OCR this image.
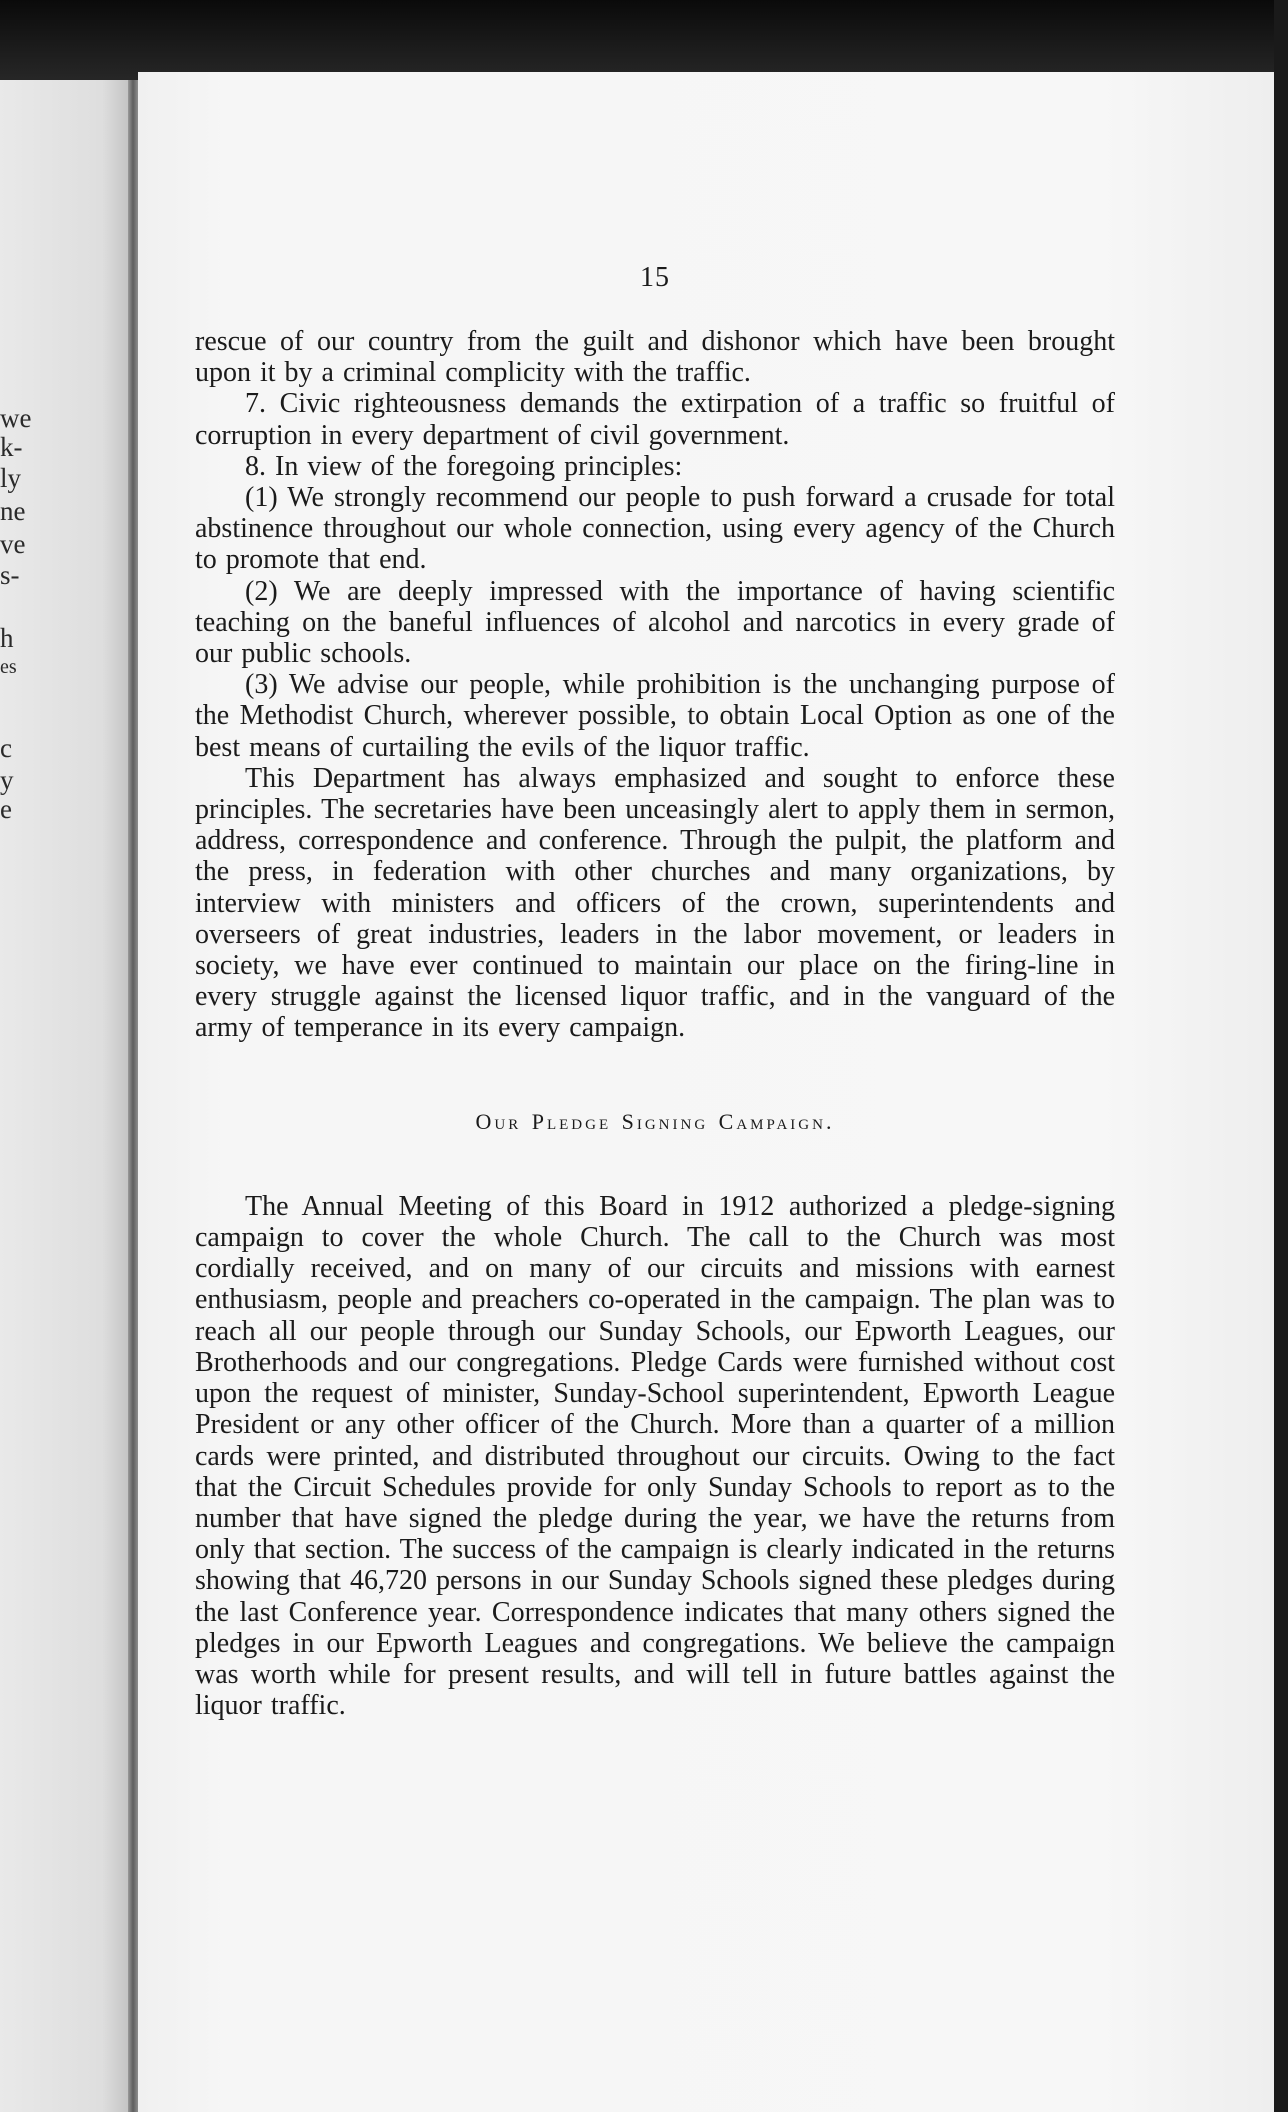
we
k-
ly
ne
ve
s-
h
es
c
y
e
15

rescue of our country from the guilt and dishonor which have been brought upon it by a criminal complicity with the traffic.

7. Civic righteousness demands the extirpation of a traffic so fruitful of corruption in every department of civil government.

8. In view of the foregoing principles:

(1) We strongly recommend our people to push forward a crusade for total abstinence throughout our whole connection, using every agency of the Church to promote that end.

(2) We are deeply impressed with the importance of having scientific teaching on the baneful influences of alcohol and narcotics in every grade of our public schools.

(3) We advise our people, while prohibition is the unchanging purpose of the Methodist Church, wherever possible, to obtain Local Option as one of the best means of curtailing the evils of the liquor traffic.

This Department has always emphasized and sought to enforce these principles. The secretaries have been unceasingly alert to apply them in sermon, address, correspondence and conference. Through the pulpit, the platform and the press, in federation with other churches and many organizations, by interview with ministers and officers of the crown, superintendents and overseers of great industries, leaders in the labor movement, or leaders in society, we have ever continued to maintain our place on the firing-line in every struggle against the licensed liquor traffic, and in the vanguard of the army of temperance in its every campaign.

Our Pledge Signing Campaign.

The Annual Meeting of this Board in 1912 authorized a pledge-signing campaign to cover the whole Church. The call to the Church was most cordially received, and on many of our circuits and missions with earnest enthusiasm, people and preachers co-operated in the campaign. The plan was to reach all our people through our Sunday Schools, our Epworth Leagues, our Brotherhoods and our congregations. Pledge Cards were furnished without cost upon the request of minister, Sunday-School superintendent, Epworth League President or any other officer of the Church. More than a quarter of a million cards were printed, and distributed throughout our circuits. Owing to the fact that the Circuit Schedules provide for only Sunday Schools to report as to the number that have signed the pledge during the year, we have the returns from only that section. The success of the campaign is clearly indicated in the returns showing that 46,720 persons in our Sunday Schools signed these pledges during the last Conference year. Correspondence indicates that many others signed the pledges in our Epworth Leagues and congregations. We believe the campaign was worth while for present results, and will tell in future battles against the liquor traffic.
